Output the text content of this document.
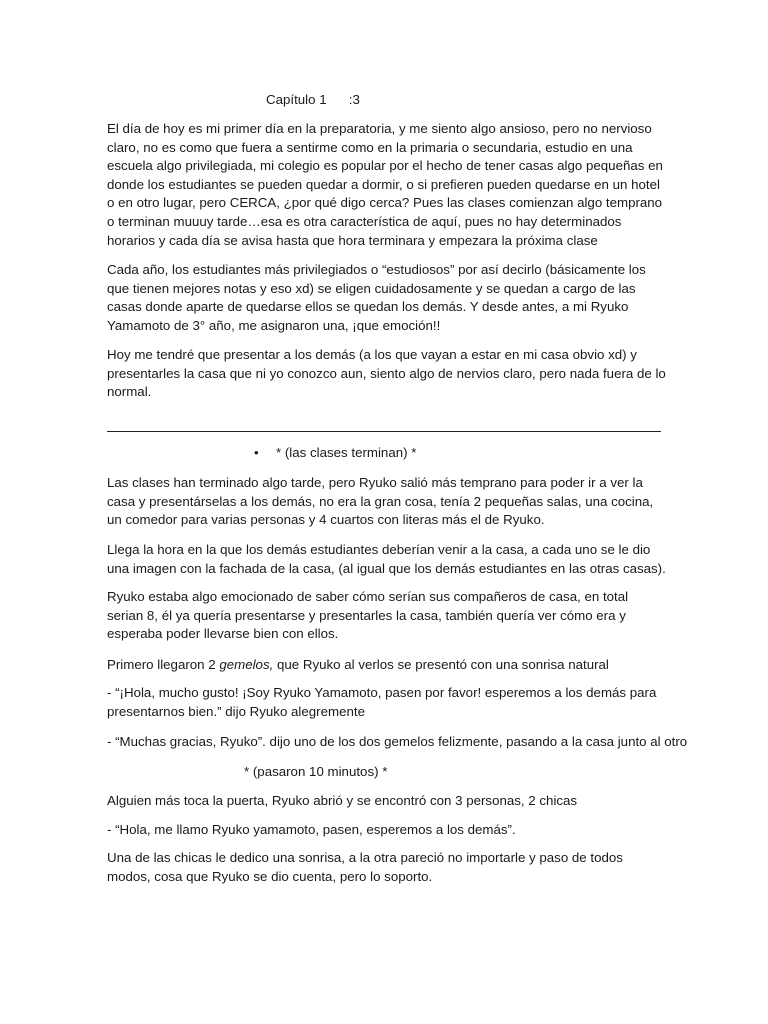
Capítulo 1      :3

El día de hoy es mi primer día en la preparatoria, y me siento algo ansioso, pero no nervioso claro, no es como que fuera a sentirme como en la primaria o secundaria, estudio en una escuela algo privilegiada, mi colegio es popular por el hecho de tener casas algo pequeñas en donde los estudiantes se pueden quedar a dormir, o si prefieren pueden quedarse en un hotel o en otro lugar, pero CERCA, ¿por qué digo cerca? Pues las clases comienzan algo temprano o terminan muuuy tarde…esa es otra característica de aquí, pues no hay determinados horarios y cada día se avisa hasta que hora terminara y empezara la próxima clase

Cada año, los estudiantes más privilegiados o “estudiosos” por así decirlo (básicamente los que tienen mejores notas y eso xd) se eligen cuidadosamente y se quedan a cargo de las casas donde aparte de quedarse ellos se quedan los demás. Y desde antes, a mi Ryuko Yamamoto de 3° año, me asignaron una, ¡que emoción!!

Hoy me tendré que presentar a los demás (a los que vayan a estar en mi casa obvio xd) y presentarles la casa que ni yo conozco aun, siento algo de nervios claro, pero nada fuera de lo normal.

• * (las clases terminan) *

Las clases han terminado algo tarde, pero Ryuko salió más temprano para poder ir a ver la casa y presentárselas a los demás, no era la gran cosa, tenía 2 pequeñas salas, una cocina, un comedor para varias personas y 4 cuartos con literas más el de Ryuko.

Llega la hora en la que los demás estudiantes deberían venir a la casa, a cada uno se le dio una imagen con la fachada de la casa, (al igual que los demás estudiantes en las otras casas).

Ryuko estaba algo emocionado de saber cómo serían sus compañeros de casa, en total serian 8, él ya quería presentarse y presentarles la casa, también quería ver cómo era y esperaba poder llevarse bien con ellos.

Primero llegaron 2 gemelos, que Ryuko al verlos se presentó con una sonrisa natural

- “¡Hola, mucho gusto! ¡Soy Ryuko Yamamoto, pasen por favor! esperemos a los demás para presentarnos bien.” dijo Ryuko alegremente

- “Muchas gracias, Ryuko”. dijo uno de los dos gemelos felizmente, pasando a la casa junto al otro

* (pasaron 10 minutos) *

Alguien más toca la puerta, Ryuko abrió y se encontró con 3 personas, 2 chicas

- “Hola, me llamo Ryuko yamamoto, pasen, esperemos a los demás”.

Una de las chicas le dedico una sonrisa, a la otra pareció no importarle y paso de todos modos, cosa que Ryuko se dio cuenta, pero lo soporto.
